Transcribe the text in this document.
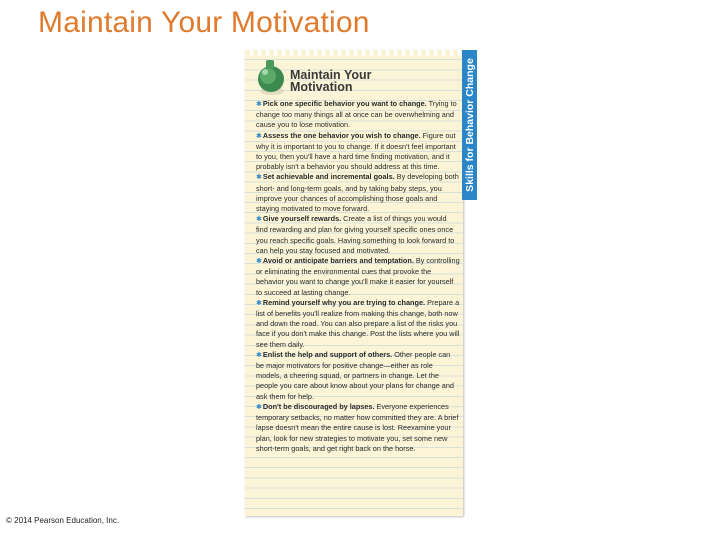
Maintain Your Motivation
Maintain Your
Motivation

✱Pick one specific behavior you want to change. Trying to change too many things all at once can be overwhelming and cause you to lose motivation.

✱Assess the one behavior you wish to change. Figure out why it is important to you to change. If it doesn't feel important to you, then you'll have a hard time finding motivation, and it probably isn't a behavior you should address at this time.

✱Set achievable and incremental goals. By developing both short- and long-term goals, and by taking baby steps, you improve your chances of accomplishing those goals and staying motivated to move forward.

✱Give yourself rewards. Create a list of things you would find rewarding and plan for giving yourself specific ones once you reach specific goals. Having something to look forward to can help you stay focused and motivated.

✱Avoid or anticipate barriers and temptation. By controlling or eliminating the environmental cues that provoke the behavior you want to change you'll make it easier for yourself to succeed at lasting change.

✱Remind yourself why you are trying to change. Prepare a list of benefits you'll realize from making this change, both now and down the road. You can also prepare a list of the risks you face if you don't make this change. Post the lists where you will see them daily.

✱Enlist the help and support of others. Other people can be major motivators for positive change—either as role models, a cheering squad, or partners in change. Let the people you care about know about your plans for change and ask them for help.

✱Don't be discouraged by lapses. Everyone experiences temporary setbacks, no matter how committed they are. A brief lapse doesn't mean the entire cause is lost. Reexamine your plan, look for new strategies to motivate you, set some new short-term goals, and get right back on the horse.

Skills for Behavior Change
© 2014 Pearson Education, Inc.
